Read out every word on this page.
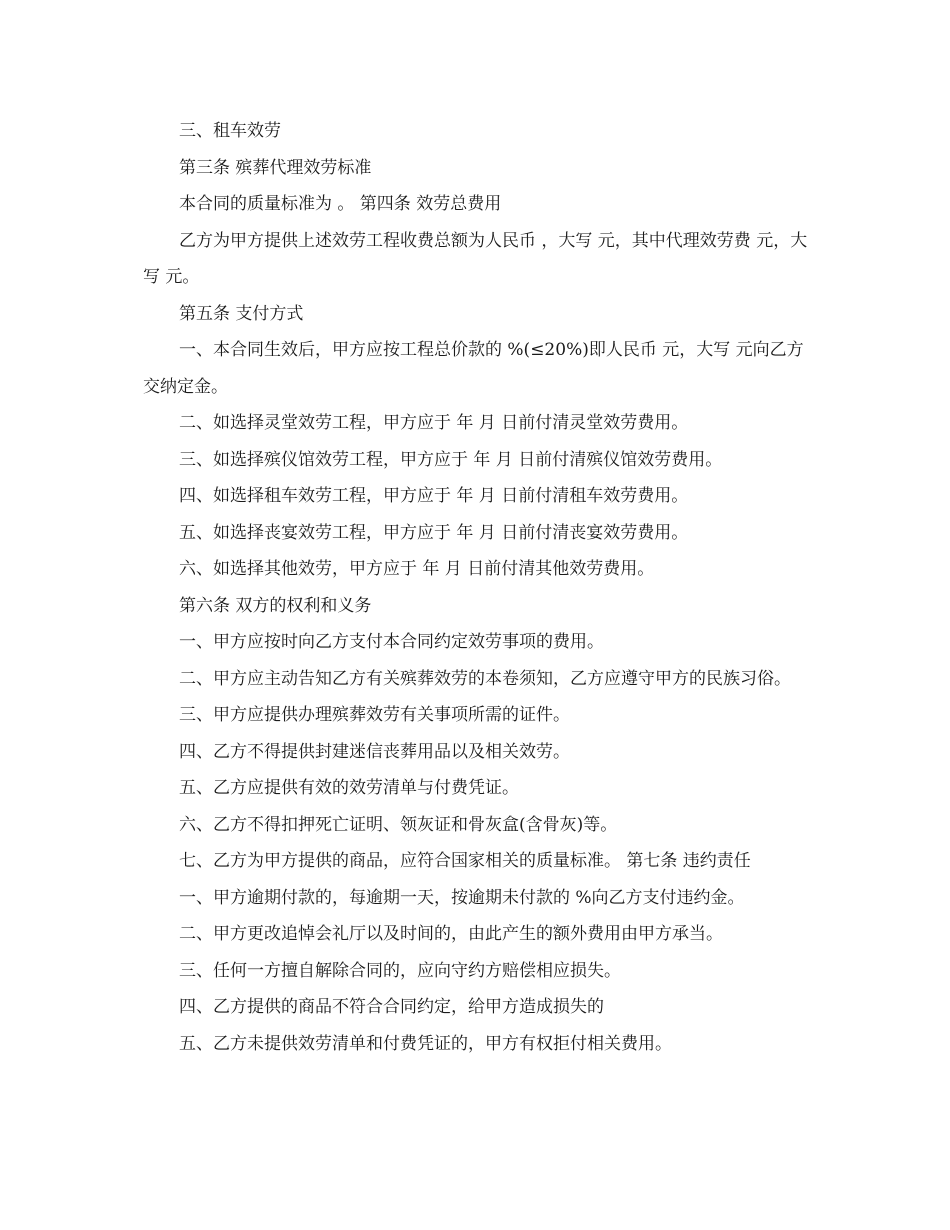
三、租车效劳

第三条 殡葬代理效劳标准

本合同的质量标准为 。 第四条 效劳总费用

乙方为甲方提供上述效劳工程收费总额为人民币 ，大写 元，其中代理效劳费 元，大写 元。

第五条 支付方式

一、本合同生效后，甲方应按工程总价款的 %(≤20%)即人民币 元，大写 元向乙方交纳定金。

二、如选择灵堂效劳工程，甲方应于 年 月 日前付清灵堂效劳费用。

三、如选择殡仪馆效劳工程，甲方应于 年 月 日前付清殡仪馆效劳费用。

四、如选择租车效劳工程，甲方应于 年 月 日前付清租车效劳费用。

五、如选择丧宴效劳工程，甲方应于 年 月 日前付清丧宴效劳费用。

六、如选择其他效劳，甲方应于 年 月 日前付清其他效劳费用。

第六条 双方的权利和义务

一、甲方应按时向乙方支付本合同约定效劳事项的费用。

二、甲方应主动告知乙方有关殡葬效劳的本卷须知，乙方应遵守甲方的民族习俗。

三、甲方应提供办理殡葬效劳有关事项所需的证件。

四、乙方不得提供封建迷信丧葬用品以及相关效劳。

五、乙方应提供有效的效劳清单与付费凭证。

六、乙方不得扣押死亡证明、领灰证和骨灰盒(含骨灰)等。

七、乙方为甲方提供的商品，应符合国家相关的质量标准。 第七条 违约责任

一、甲方逾期付款的，每逾期一天，按逾期未付款的 %向乙方支付违约金。

二、甲方更改追悼会礼厅以及时间的，由此产生的额外费用由甲方承当。

三、任何一方擅自解除合同的，应向守约方赔偿相应损失。

四、乙方提供的商品不符合合同约定，给甲方造成损失的

五、乙方未提供效劳清单和付费凭证的，甲方有权拒付相关费用。
